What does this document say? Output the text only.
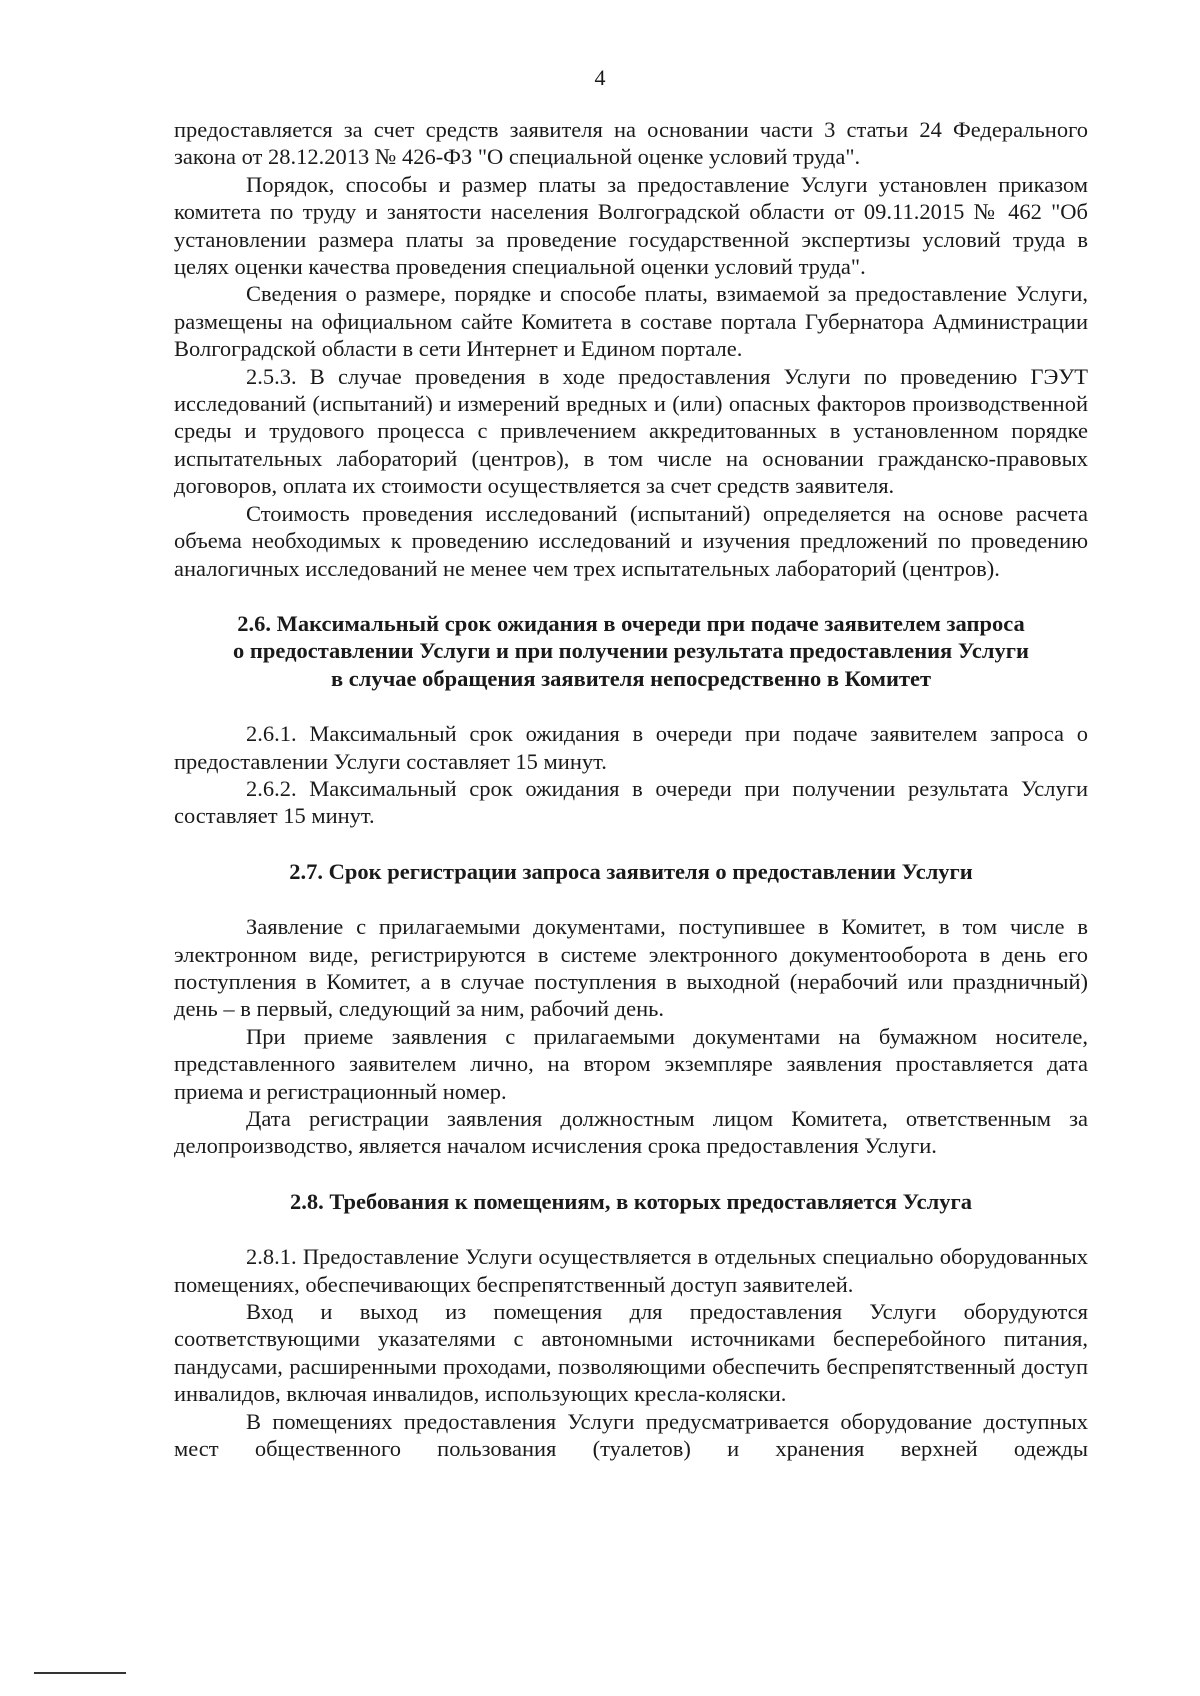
4

предоставляется за счет средств заявителя на основании части 3 статьи 24 Федерального закона от 28.12.2013 № 426-ФЗ "О специальной оценке условий труда".

Порядок, способы и размер платы за предоставление Услуги установлен приказом комитета по труду и занятости населения Волгоградской области от 09.11.2015 № 462 "Об установлении размера платы за проведение государственной экспертизы условий труда в целях оценки качества проведения специальной оценки условий труда".

Сведения о размере, порядке и способе платы, взимаемой за предоставление Услуги, размещены на официальном сайте Комитета в составе портала Губернатора Администрации Волгоградской области в сети Интернет и Едином портале.

2.5.3. В случае проведения в ходе предоставления Услуги по проведению ГЭУТ исследований (испытаний) и измерений вредных и (или) опасных факторов производственной среды и трудового процесса с привлечением аккредитованных в установленном порядке испытательных лабораторий (центров), в том числе на основании гражданско-правовых договоров, оплата их стоимости осуществляется за счет средств заявителя.

Стоимость проведения исследований (испытаний) определяется на основе расчета объема необходимых к проведению исследований и изучения предложений по проведению аналогичных исследований не менее чем трех испытательных лабораторий (центров).

2.6. Максимальный срок ожидания в очереди при подаче заявителем запроса
о предоставлении Услуги и при получении результата предоставления Услуги
в случае обращения заявителя непосредственно в Комитет

2.6.1. Максимальный срок ожидания в очереди при подаче заявителем запроса о предоставлении Услуги составляет 15 минут.

2.6.2. Максимальный срок ожидания в очереди при получении результата Услуги составляет 15 минут.

2.7. Срок регистрации запроса заявителя о предоставлении Услуги

Заявление с прилагаемыми документами, поступившее в Комитет, в том числе в электронном виде, регистрируются в системе электронного документооборота в день его поступления в Комитет, а в случае поступления в выходной (нерабочий или праздничный) день – в первый, следующий за ним, рабочий день.

При приеме заявления с прилагаемыми документами на бумажном носителе, представленного заявителем лично, на втором экземпляре заявления проставляется дата приема и регистрационный номер.

Дата регистрации заявления должностным лицом Комитета, ответственным за делопроизводство, является началом исчисления срока предоставления Услуги.

2.8. Требования к помещениям, в которых предоставляется Услуга

2.8.1. Предоставление Услуги осуществляется в отдельных специально оборудованных помещениях, обеспечивающих беспрепятственный доступ заявителей.

Вход и выход из помещения для предоставления Услуги оборудуются соответствующими указателями с автономными источниками бесперебойного питания, пандусами, расширенными проходами, позволяющими обеспечить беспрепятственный доступ инвалидов, включая инвалидов, использующих кресла-коляски.

В помещениях предоставления Услуги предусматривается оборудование доступных мест общественного пользования (туалетов) и хранения верхней одежды
